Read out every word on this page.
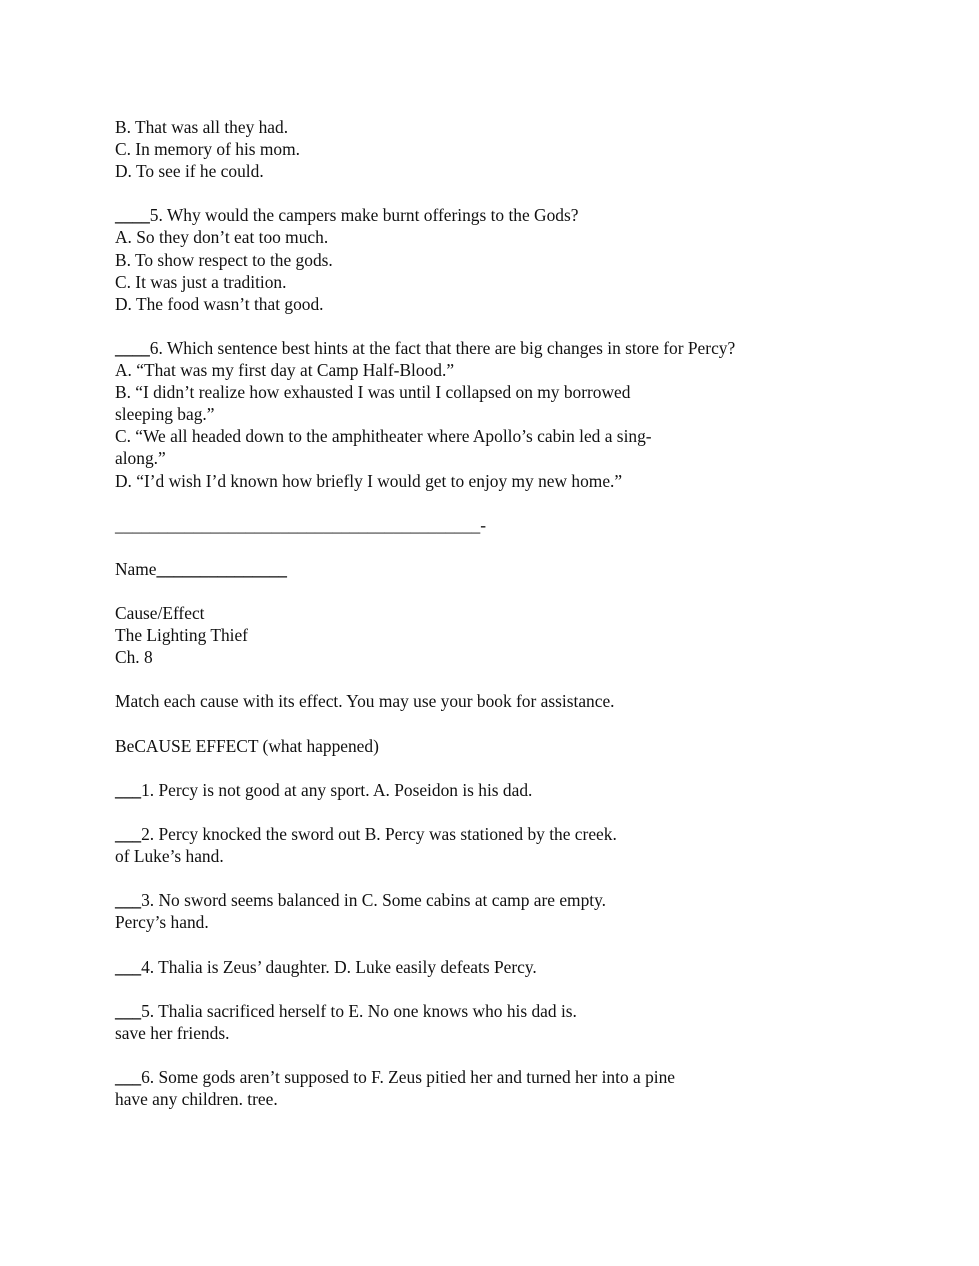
B. That was all they had.
C. In memory of his mom.
D. To see if he could.
____5. Why would the campers make burnt offerings to the Gods?
A. So they don’t eat too much.
B. To show respect to the gods.
C. It was just a tradition.
D. The food wasn’t that good.
____6. Which sentence best hints at the fact that there are big changes in store for Percy?
A. “That was my first day at Camp Half-Blood.”
B. “I didn’t realize how exhausted I was until I collapsed on my borrowed
sleeping bag.”
C. “We all headed down to the amphitheater where Apollo’s cabin led a sing-
along.”
D. “I’d wish I’d known how briefly I would get to enjoy my new home.”
__________________________________________-
Name_______________
Cause/Effect
The Lighting Thief
Ch. 8
Match each cause with its effect. You may use your book for assistance.
BeCAUSE EFFECT (what happened)
___1. Percy is not good at any sport. A. Poseidon is his dad.
___2. Percy knocked the sword out B. Percy was stationed by the creek.
of Luke’s hand.
___3. No sword seems balanced in C. Some cabins at camp are empty.
Percy’s hand.
___4. Thalia is Zeus’ daughter. D. Luke easily defeats Percy.
___5. Thalia sacrificed herself to E. No one knows who his dad is.
save her friends.
___6. Some gods aren’t supposed to F. Zeus pitied her and turned her into a pine
have any children. tree.
